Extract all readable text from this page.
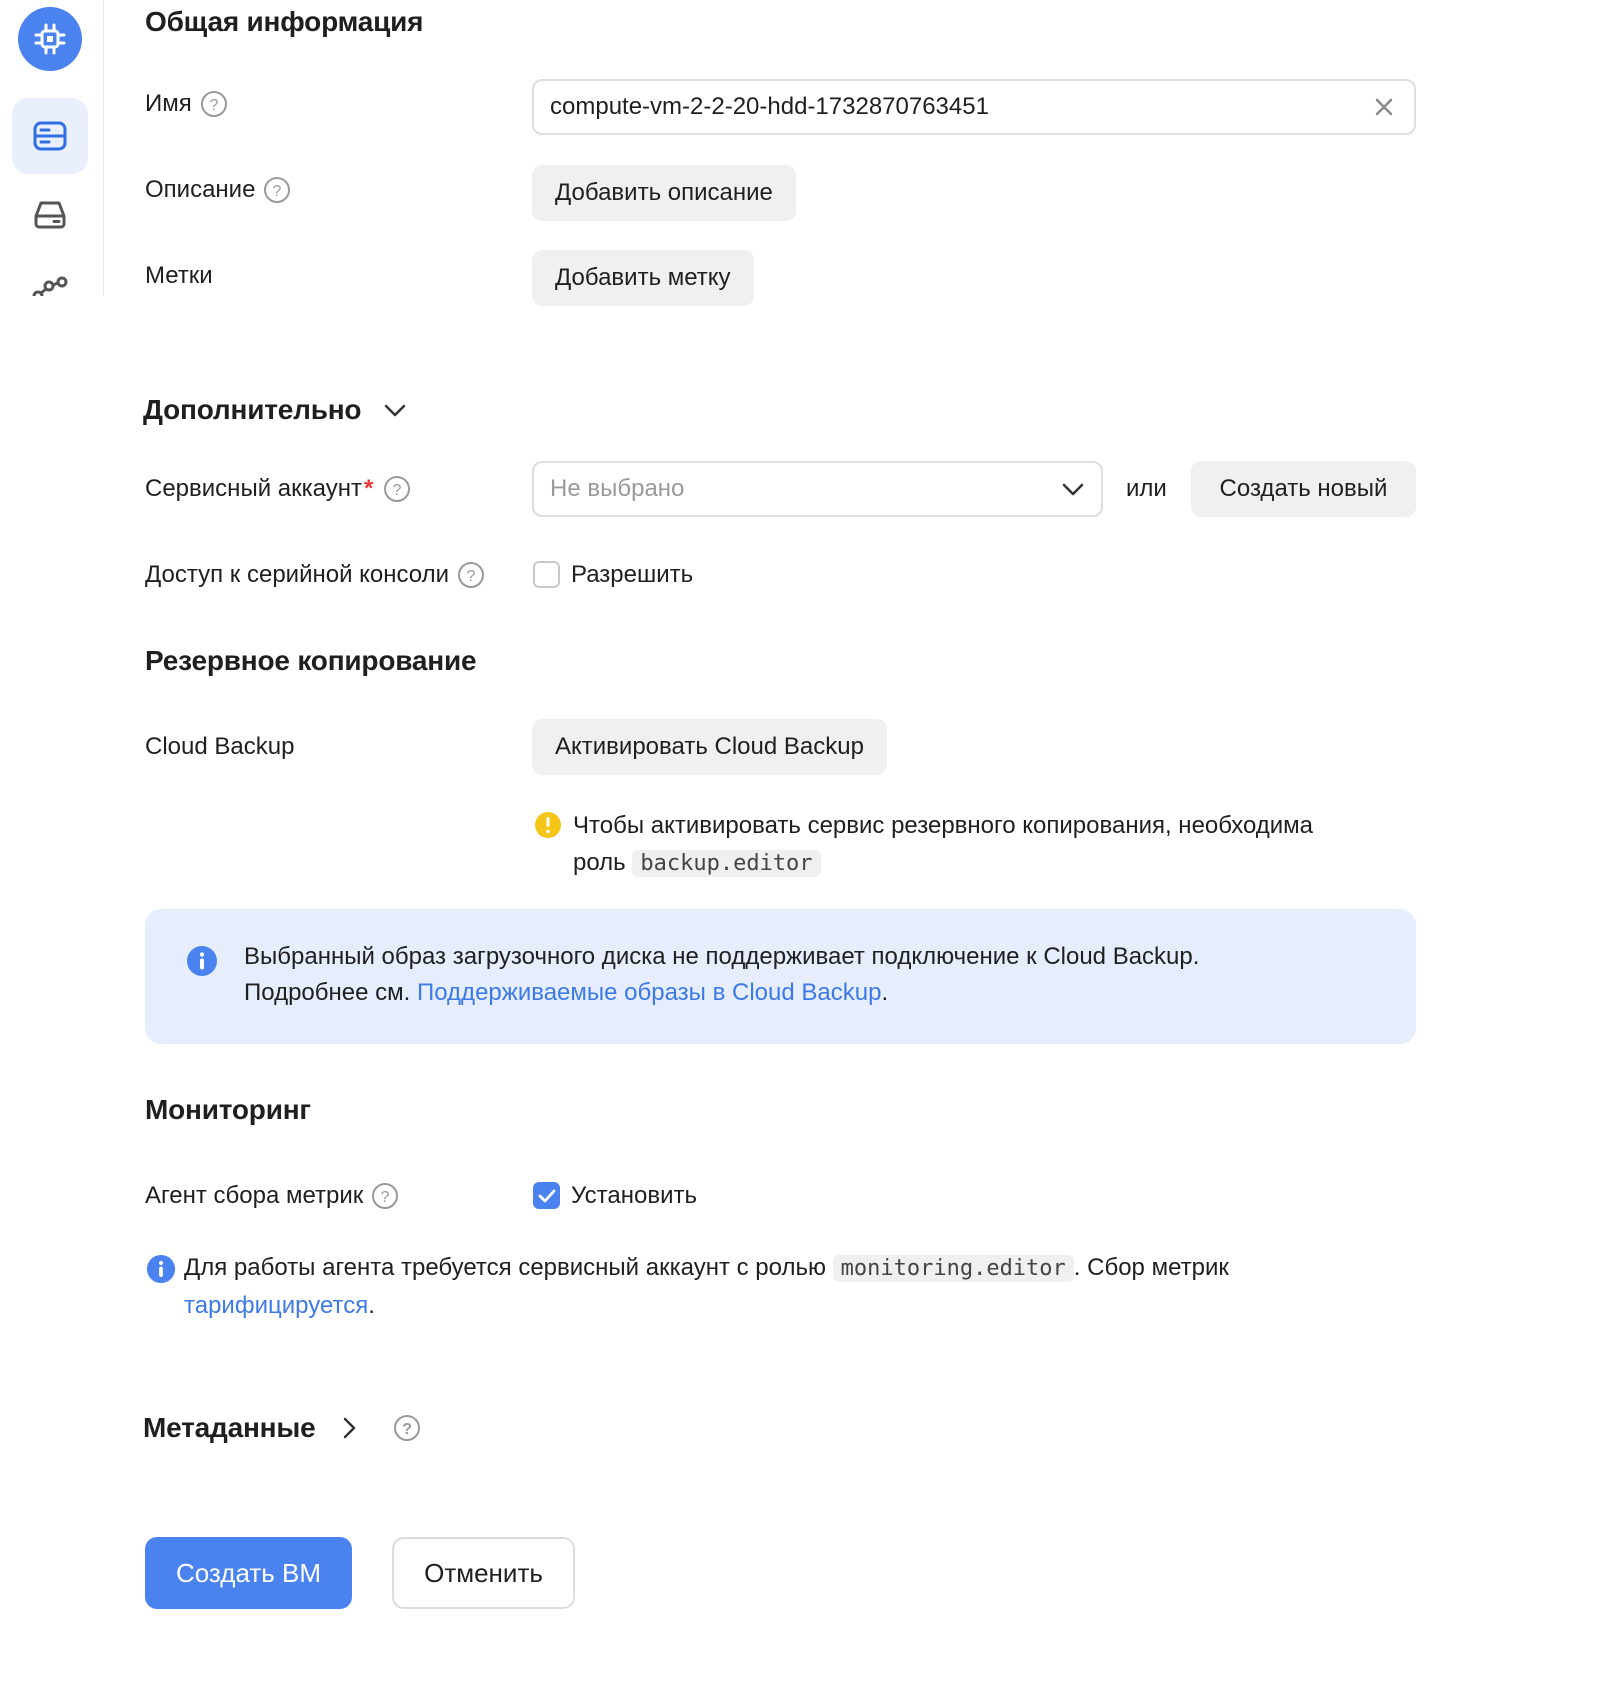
Общая информация
Имя ?	compute-vm-2-2-20-hdd-1732870763451
Описание ?	Добавить описание
Метки	Добавить метку
Дополнительно
Сервисный аккаунт * ?	Не выбрано	или	Создать новый
Доступ к серийной консоли ?	Разрешить
Резервное копирование
Cloud Backup	Активировать Cloud Backup
Чтобы активировать сервис резервного копирования, необходима
роль backup.editor
Выбранный образ загрузочного диска не поддерживает подключение к Cloud Backup.
Подробнее см. Поддерживаемые образы в Cloud Backup.
Мониторинг
Агент сбора метрик ?	Установить
Для работы агента требуется сервисный аккаунт с ролью monitoring.editor . Сбор метрик тарифицируется.
Метаданные	?
Создать ВМ	Отменить
